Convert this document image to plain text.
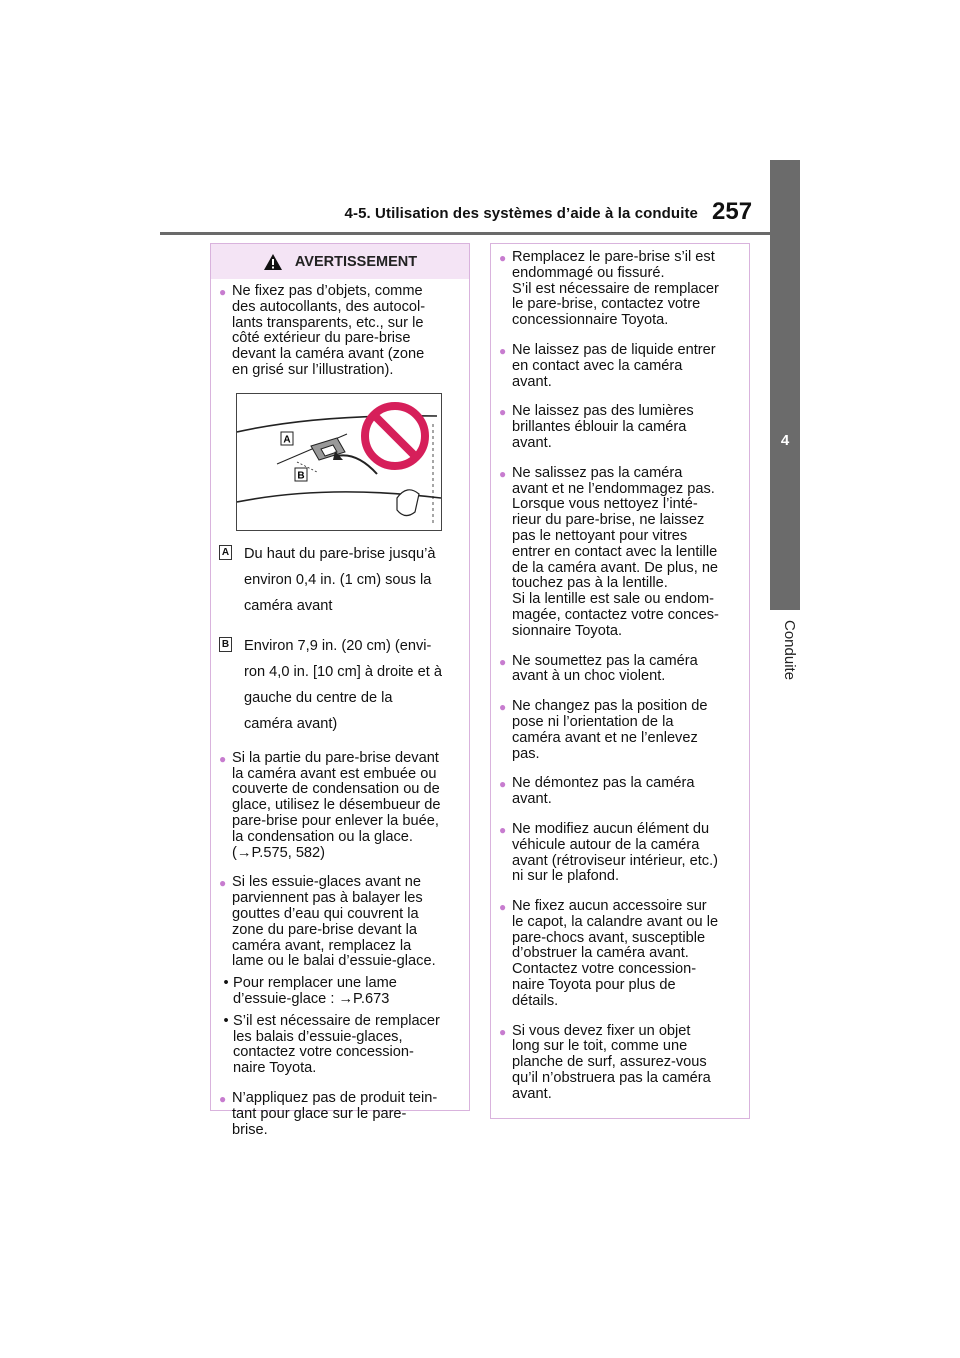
4-5. Utilisation des systèmes d’aide à la conduite 257
4
Conduite
AVERTISSEMENT
● Ne fixez pas d’objets, comme
des autocollants, des autocol-
lants transparents, etc., sur le
côté extérieur du pare-brise
devant la caméra avant (zone
en grisé sur l’illustration).
A
B
A	Du haut du pare-brise jusqu’à
environ 0,4 in. (1 cm) sous la
caméra avant
B	Environ 7,9 in. (20 cm) (envi-
ron 4,0 in. [10 cm] à droite et à
gauche du centre de la
caméra avant)
● Si la partie du pare-brise devant
la caméra avant est embuée ou
couverte de condensation ou de
glace, utilisez le désembueur de
pare-brise pour enlever la buée,
la condensation ou la glace.
(→P.575, 582)
● Si les essuie-glaces avant ne
parviennent pas à balayer les
gouttes d’eau qui couvrent la
zone du pare-brise devant la
caméra avant, remplacez la
lame ou le balai d’essuie-glace.
• Pour remplacer une lame
d’essuie-glace : →P.673
• S’il est nécessaire de remplacer
les balais d’essuie-glaces,
contactez votre concession-
naire Toyota.
● N’appliquez pas de produit tein-
tant pour glace sur le pare-
brise.
● Remplacez le pare-brise s’il est
endommagé ou fissuré.
S’il est nécessaire de remplacer
le pare-brise, contactez votre
concessionnaire Toyota.
● Ne laissez pas de liquide entrer
en contact avec la caméra
avant.
● Ne laissez pas des lumières
brillantes éblouir la caméra
avant.
● Ne salissez pas la caméra
avant et ne l’endommagez pas.
Lorsque vous nettoyez l’inté-
rieur du pare-brise, ne laissez
pas le nettoyant pour vitres
entrer en contact avec la lentille
de la caméra avant. De plus, ne
touchez pas à la lentille.
Si la lentille est sale ou endom-
magée, contactez votre conces-
sionnaire Toyota.
● Ne soumettez pas la caméra
avant à un choc violent.
● Ne changez pas la position de
pose ni l’orientation de la
caméra avant et ne l’enlevez
pas.
● Ne démontez pas la caméra
avant.
● Ne modifiez aucun élément du
véhicule autour de la caméra
avant (rétroviseur intérieur, etc.)
ni sur le plafond.
● Ne fixez aucun accessoire sur
le capot, la calandre avant ou le
pare-chocs avant, susceptible
d’obstruer la caméra avant.
Contactez votre concession-
naire Toyota pour plus de
détails.
● Si vous devez fixer un objet
long sur le toit, comme une
planche de surf, assurez-vous
qu’il n’obstruera pas la caméra
avant.
